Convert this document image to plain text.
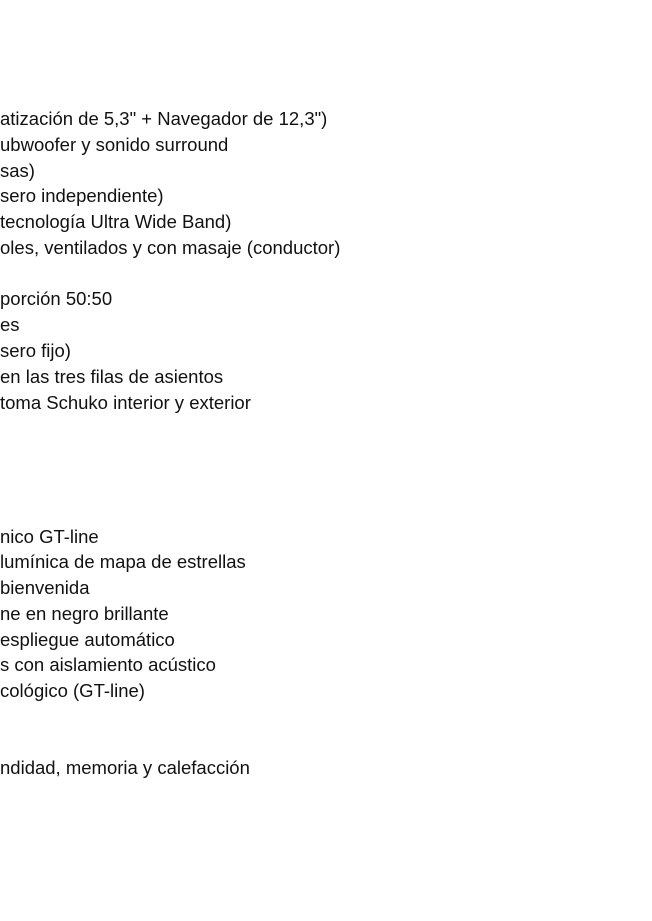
atización de 5,3" + Navegador de 12,3")

ubwoofer y sonido surround

sas)

sero independiente)

tecnología Ultra Wide Band)

oles, ventilados y con masaje (conductor)

porción 50:50

es

sero fijo)

en las tres filas de asientos

toma Schuko interior y exterior

nico GT-line

lumínica de mapa de estrellas

bienvenida

ne en negro brillante

espliegue automático

s con aislamiento acústico

cológico (GT-line)

ndidad, memoria y calefacción
